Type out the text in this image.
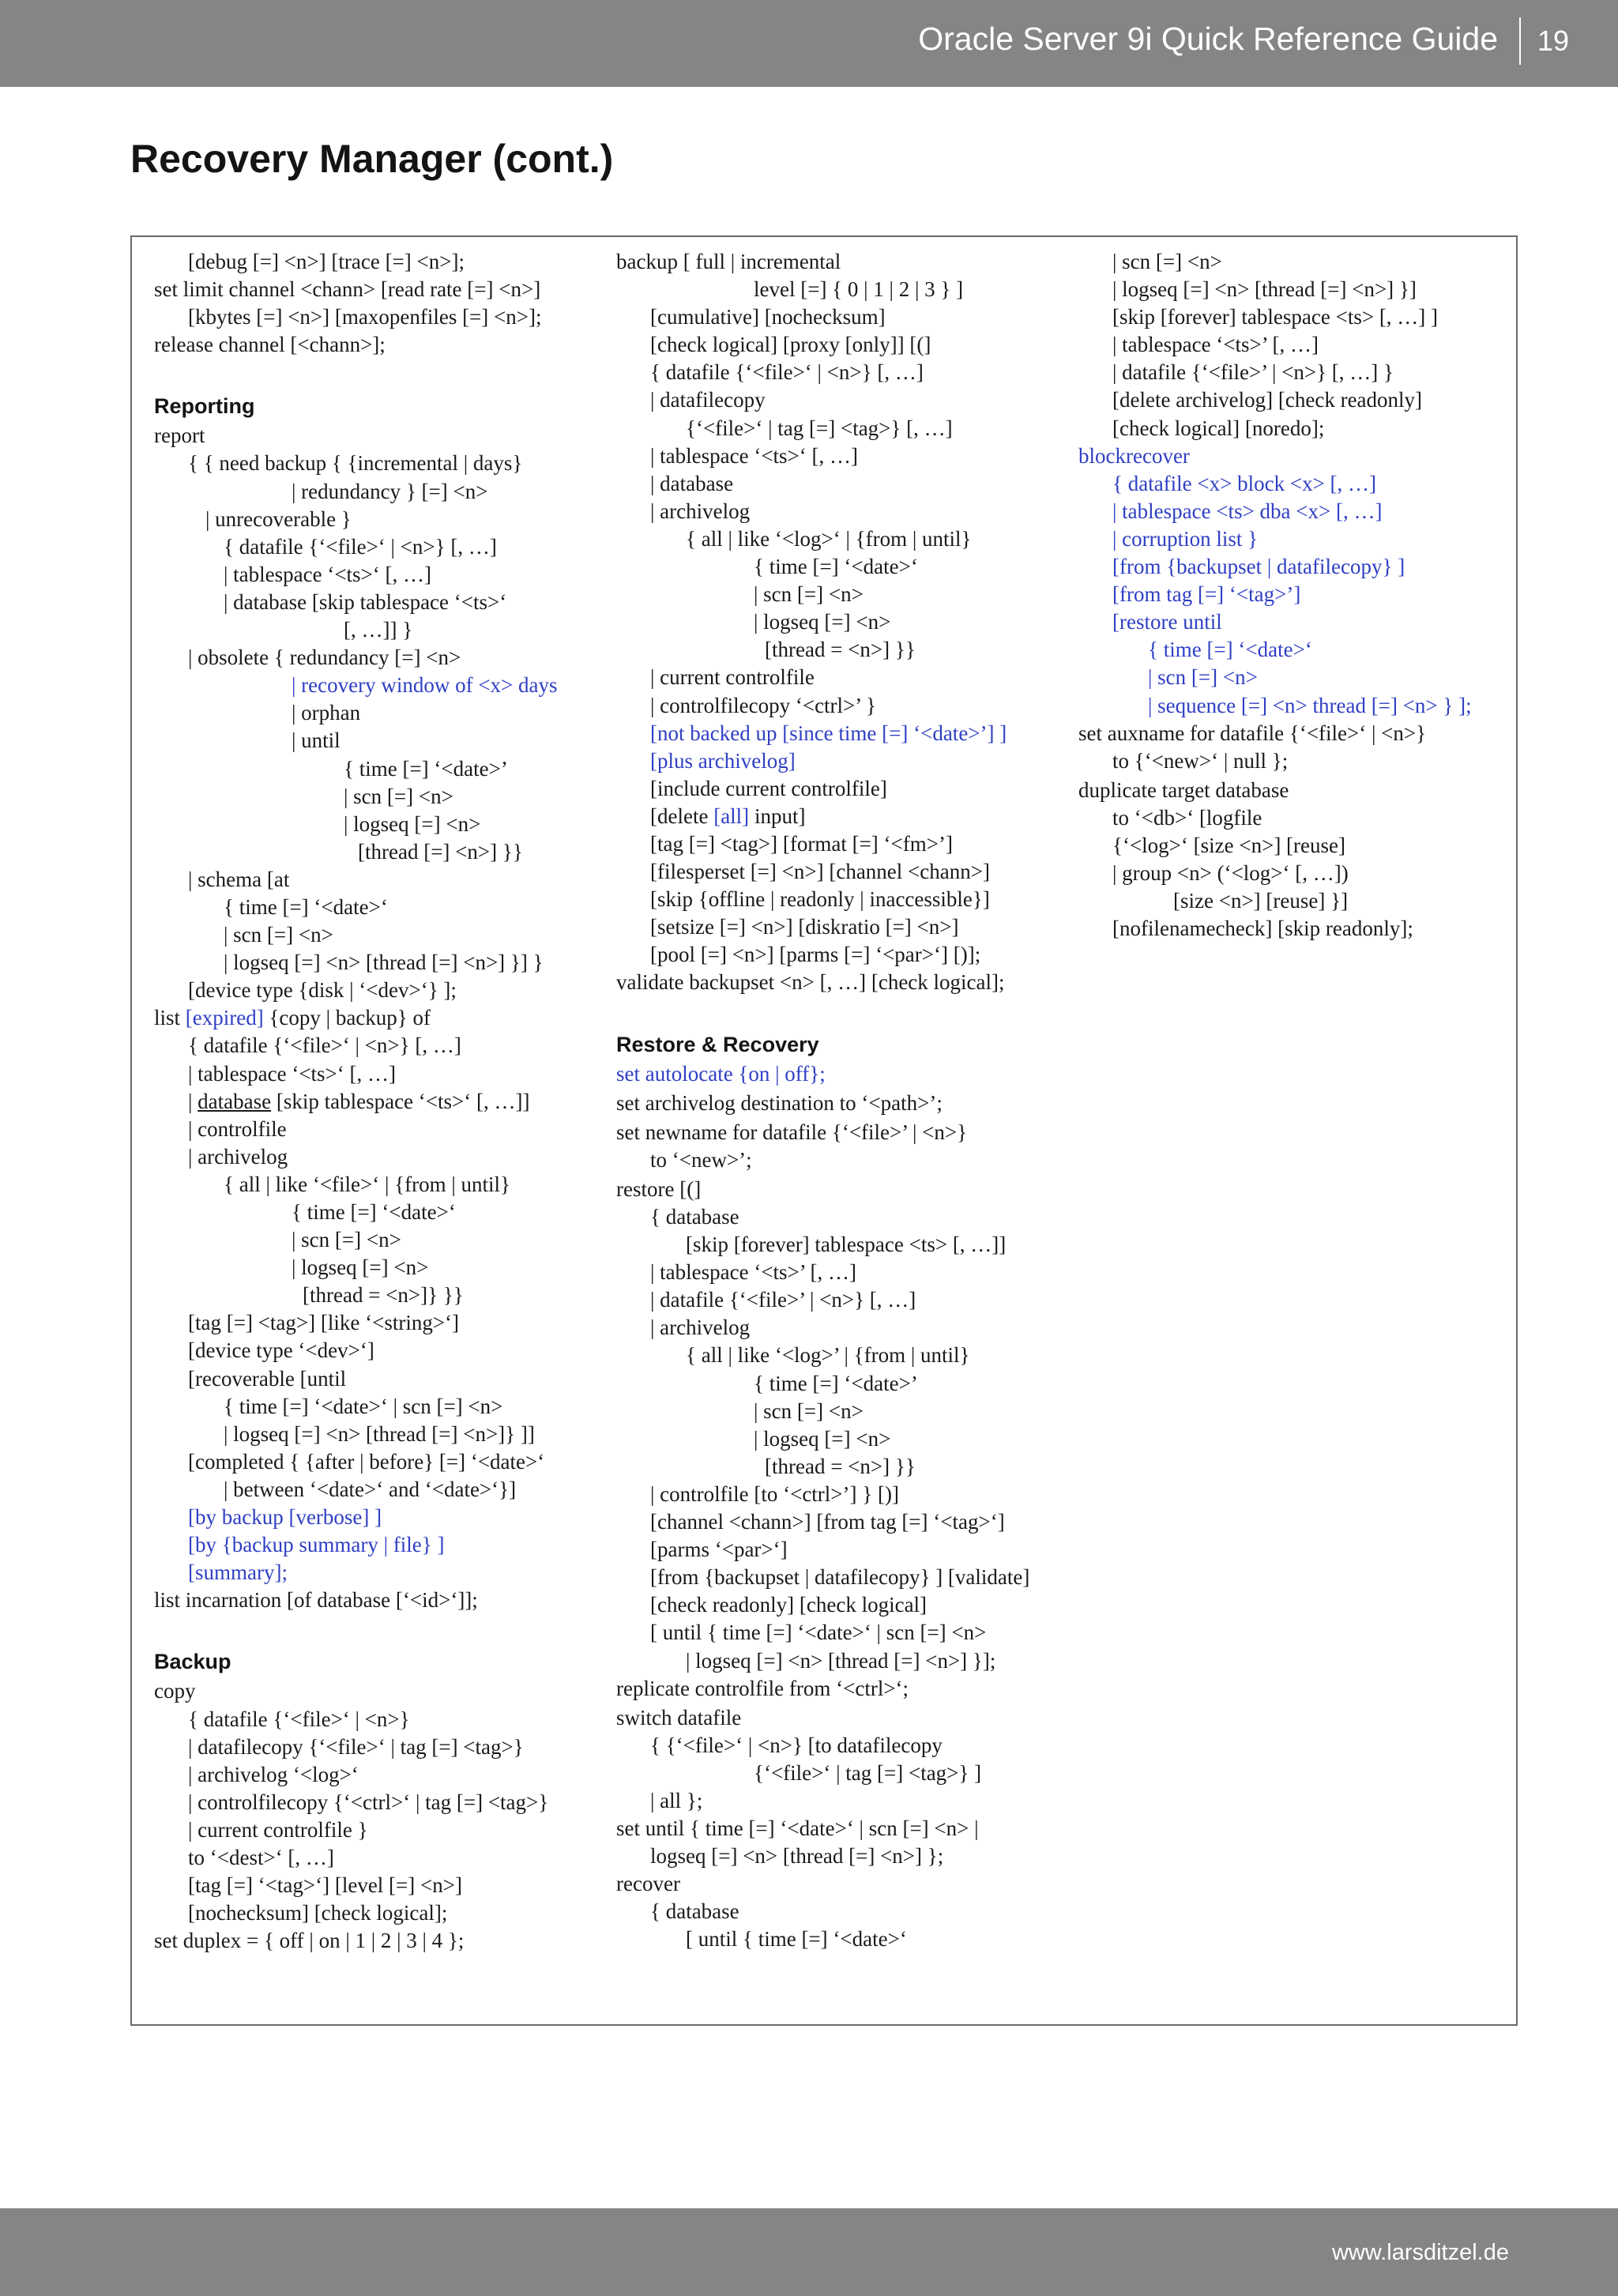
Oracle Server 9i Quick Reference Guide 19
Recovery Manager (cont.)
[debug [=] <n>] [trace [=] <n>];
set limit channel <chann> [read rate [=] <n>]
[kbytes [=] <n>] [maxopenfiles [=] <n>];
release channel [<chann>];
Reporting
report
{ { need backup { {incremental | days}
| redundancy } [=] <n>
| unrecoverable }
{ datafile {‘<file>‘ | <n>} [, …]
| tablespace ‘<ts>‘ [, …]
| database [skip tablespace ‘<ts>‘
[, …]] }
| obsolete { redundancy [=] <n>
| recovery window of <x> days
| orphan
| until
{ time [=] ‘<date>’
| scn [=] <n>
| logseq [=] <n>
[thread [=] <n>] }}
| schema [at
{ time [=] ‘<date>‘
| scn [=] <n>
| logseq [=] <n> [thread [=] <n>] }] }
[device type {disk | ‘<dev>‘} ];
list [expired] {copy | backup} of
{ datafile {‘<file>‘ | <n>} [, …]
| tablespace ‘<ts>‘ [, …]
| database [skip tablespace ‘<ts>‘ [, …]]
| controlfile
| archivelog
{ all | like ‘<file>‘ | {from | until}
{ time [=] ‘<date>‘
| scn [=] <n>
| logseq [=] <n>
[thread = <n>]} }}
[tag [=] <tag>] [like ‘<string>‘]
[device type ‘<dev>‘]
[recoverable [until
{ time [=] ‘<date>‘ | scn [=] <n>
| logseq [=] <n> [thread [=] <n>]} ]]
[completed { {after | before} [=] ‘<date>‘
| between ‘<date>‘ and ‘<date>‘}]
[by backup [verbose] ]
[by {backup summary | file} ]
[summary];
list incarnation [of database [‘<id>‘]];
Backup
copy
{ datafile {‘<file>‘ | <n>}
| datafilecopy {‘<file>‘ | tag [=] <tag>}
| archivelog ‘<log>‘
| controlfilecopy {‘<ctrl>‘ | tag [=] <tag>}
| current controlfile }
to ‘<dest>‘ [, …]
[tag [=] ‘<tag>‘] [level [=] <n>]
[nochecksum] [check logical];
set duplex = { off | on | 1 | 2 | 3 | 4 };
backup [ full | incremental
level [=] { 0 | 1 | 2 | 3 } ]
[cumulative] [nochecksum]
[check logical] [proxy [only]] [(]
{ datafile {‘<file>‘ | <n>} [, …]
| datafilecopy
{‘<file>‘ | tag [=] <tag>} [, …]
| tablespace ‘<ts>‘ [, …]
| database
| archivelog
{ all | like ‘<log>‘ | {from | until}
{ time [=] ‘<date>‘
| scn [=] <n>
| logseq [=] <n>
[thread = <n>] }}
| current controlfile
| controlfilecopy ‘<ctrl>’ }
[not backed up [since time [=] ‘<date>’] ]
[plus archivelog]
[include current controlfile]
[delete [all] input]
[tag [=] <tag>] [format [=] ‘<fm>’]
[filesperset [=] <n>] [channel <chann>]
[skip {offline | readonly | inaccessible}]
[setsize [=] <n>] [diskratio [=] <n>]
[pool [=] <n>] [parms [=] ‘<par>‘] [)];
validate backupset <n> [, …] [check logical];
Restore & Recovery
set autolocate {on | off};
set archivelog destination to ‘<path>’;
set newname for datafile {‘<file>’ | <n>}
to ‘<new>’;
restore [(]
{ database
[skip [forever] tablespace <ts> [, …]]
| tablespace ‘<ts>’ [, …]
| datafile {‘<file>’ | <n>} [, …]
| archivelog
{ all | like ‘<log>’ | {from | until}
{ time [=] ‘<date>’
| scn [=] <n>
| logseq [=] <n>
[thread = <n>] }}
| controlfile [to ‘<ctrl>’] } [)]
[channel <chann>] [from tag [=] ‘<tag>‘]
[parms ‘<par>‘]
[from {backupset | datafilecopy} ] [validate]
[check readonly] [check logical]
[ until { time [=] ‘<date>‘ | scn [=] <n>
| logseq [=] <n> [thread [=] <n>] }];
replicate controlfile from ‘<ctrl>‘;
switch datafile
{ {‘<file>‘ | <n>} [to datafilecopy
{‘<file>‘ | tag [=] <tag>} ]
| all };
set until { time [=] ‘<date>‘ | scn [=] <n> |
logseq [=] <n> [thread [=] <n>] };
recover
{ database
[ until { time [=] ‘<date>‘
| scn [=] <n>
| logseq [=] <n> [thread [=] <n>] }]
[skip [forever] tablespace <ts> [, …] ]
| tablespace ‘<ts>’ [, …]
| datafile {‘<file>’ | <n>} [, …] }
[delete archivelog] [check readonly]
[check logical] [noredo];
blockrecover
{ datafile <x> block <x> [, …]
| tablespace <ts> dba <x> [, …]
| corruption list }
[from {backupset | datafilecopy} ]
[from tag [=] ‘<tag>’]
[restore until
{ time [=] ‘<date>‘
| scn [=] <n>
| sequence [=] <n> thread [=] <n> } ];
set auxname for datafile {‘<file>‘ | <n>}
to {‘<new>‘ | null };
duplicate target database
to ‘<db>‘ [logfile
{‘<log>‘ [size <n>] [reuse]
| group <n> (‘<log>‘ [, …])
[size <n>] [reuse] }]
[nofilenamecheck] [skip readonly];
www.larsditzel.de
